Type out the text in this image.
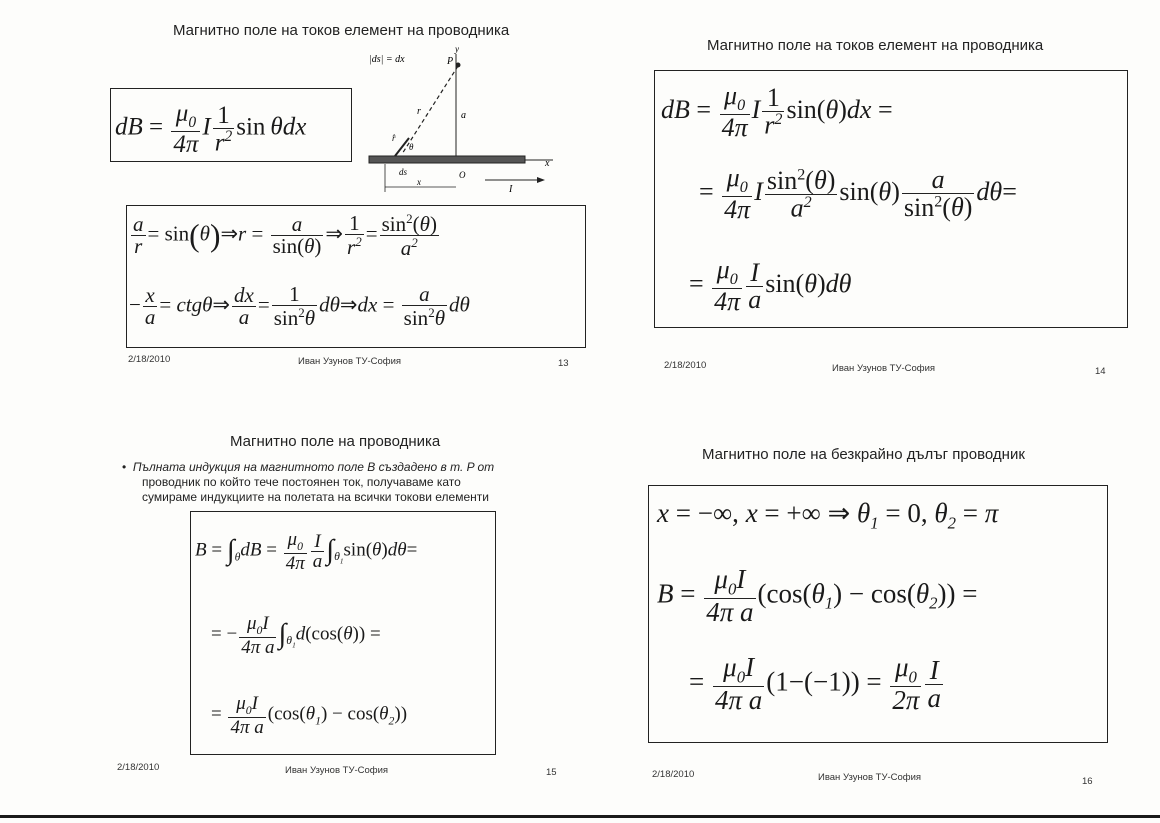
Магнитно поле на токов елемент на проводника
dB = $\frac{\mu_0}{4\pi}$ I $\frac{1}{r^2}$ sin θdx
|ds| = dx	P
y
r	a
x
θ
r̂
ds
x
O
I
$\frac{a}{r}$ = sin(θ)⇒r = $\frac{a}{\sin(\theta)}$ ⇒ $\frac{1}{r^2} = \frac{\sin^2(\theta)}{a^2}$
− $\frac{x}{a}$ = ctgθ⇒ $\frac{dx}{a} = \frac{1}{\sin^2\theta}$ dθ⇒dx = $\frac{a}{\sin^2\theta}$ dθ
2/18/2010	Иван Узунов ТУ-София	13
Магнитно поле на токов елемент на проводника
dB = $\frac{\mu_0}{4\pi}$ I $\frac{1}{r^2} \sin(\theta)dx$ =
= $\frac{\mu_0}{4\pi}$ I $\frac{\sin^2(\theta)}{a^2} \sin(\theta) \frac{a}{\sin^2(\theta)} d\theta=$
= $\frac{\mu_0}{4\pi} \frac{I}{a} \sin(\theta)d\theta$
2/18/2010	Иван Узунов ТУ-София	14
Магнитно поле на проводника
• Пълната индукция на магнитното поле B създадено в т. P от
проводник по който тече постоянен ток, получаваме като
сумираме индукциите на полетата на всички токови елементи
$B = \int_\theta dB = \frac{\mu_0}{4\pi} \frac{I}{a} \int_{\theta_1}\sin(\theta)d\theta=$
= − $\frac{\mu_0I}{\text{4π a}} \int_{\theta_1}d(\cos(\theta))$ =
= $\frac{\mu_0I}{\text{4π a}} (\cos(\theta_1) - \cos(\theta_2))$
2/18/2010	Иван Узунов ТУ-София	15
Магнитно поле на безкрайно дълъг проводник
x = −∞, x = +∞ ⇒ $\theta_1 = 0$, $\theta_2 = \pi$
$B = \frac{\mu_0I}{\text{4π a}} (\cos(\theta_1) - \cos(\theta_2))$ =
= $\frac{\mu_0I}{\text{4π a}} (1-(-1)) = \frac{\mu_0}{2\pi} \frac{I}{a}$
2/18/2010	Иван Узунов ТУ-София	16
